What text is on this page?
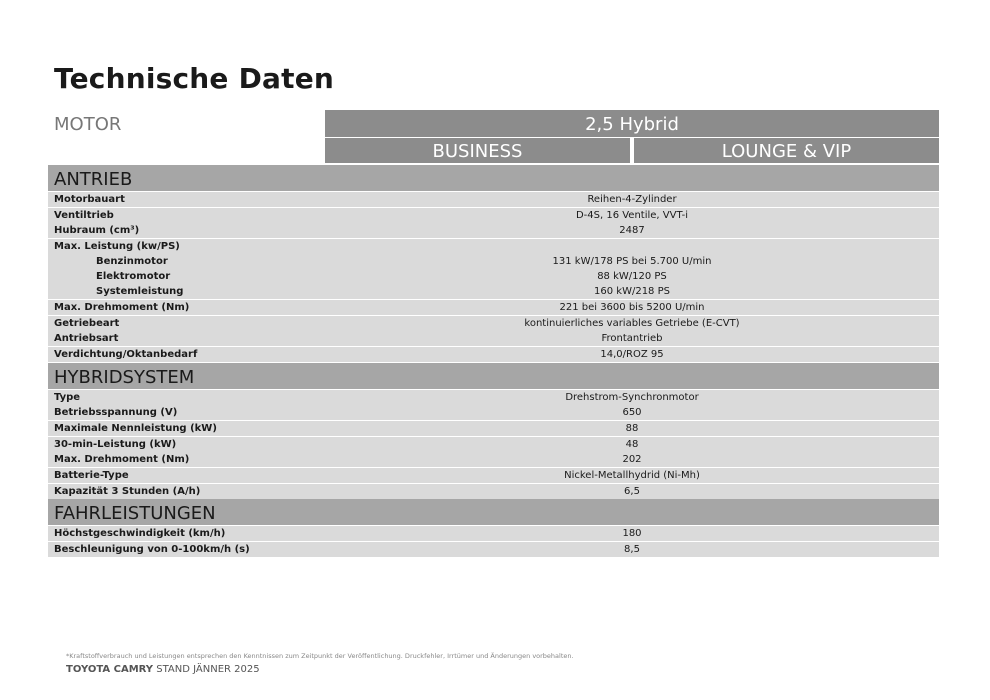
Technische Daten
MOTOR	2,5 Hybrid
BUSINESS	LOUNGE & VIP
ANTRIEB
Motorbauart	Reihen-4-Zylinder
Ventiltrieb	D-4S, 16 Ventile, VVT-i
Hubraum (cm³)	2487
Max. Leistung (kw/PS)
Benzinmotor	131 kW/178 PS bei 5.700 U/min
Elektromotor	88 kW/120 PS
Systemleistung	160 kW/218 PS
Max. Drehmoment (Nm)	221 bei 3600 bis 5200 U/min
Getriebeart	kontinuierliches variables Getriebe (E-CVT)
Antriebsart	Frontantrieb
Verdichtung/Oktanbedarf	14,0/ROZ 95
HYBRIDSYSTEM
Type	Drehstrom-Synchronmotor
Betriebsspannung (V)	650
Maximale Nennleistung (kW)	88
30-min-Leistung (kW)	48
Max. Drehmoment (Nm)	202
Batterie-Type	Nickel-Metallhydrid (Ni-Mh)
Kapazität 3 Stunden (A/h)	6,5
FAHRLEISTUNGEN
Höchstgeschwindigkeit (km/h)	180
Beschleunigung von 0-100km/h (s)	8,5
*Kraftstoffverbrauch und Leistungen entsprechen den Kenntnissen zum Zeitpunkt der Veröffentlichung. Druckfehler, Irrtümer und Änderungen vorbehalten.
TOYOTA CAMRY STAND JÄNNER 2025
